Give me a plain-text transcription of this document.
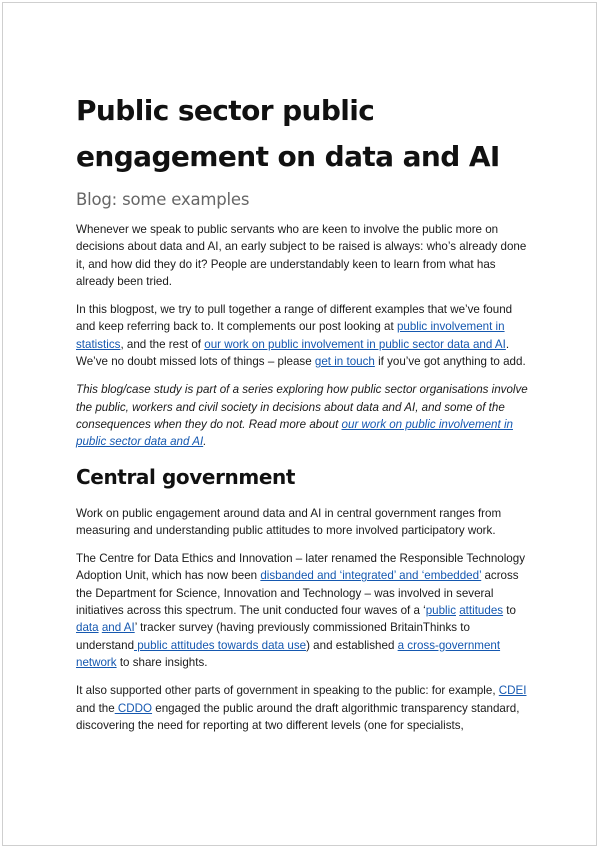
Public sector public engagement on data and AI
Blog: some examples

Whenever we speak to public servants who are keen to involve the public more on decisions about data and AI, an early subject to be raised is always: who’s already done it, and how did they do it? People are understandably keen to learn from what has already been tried.

In this blogpost, we try to pull together a range of different examples that we’ve found and keep referring back to. It complements our post looking at public involvement in statistics, and the rest of our work on public involvement in public sector data and AI. We’ve no doubt missed lots of things – please get in touch if you’ve got anything to add.

This blog/case study is part of a series exploring how public sector organisations involve the public, workers and civil society in decisions about data and AI, and some of the consequences when they do not. Read more about our work on public involvement in public sector data and AI.

Central government

Work on public engagement around data and AI in central government ranges from measuring and understanding public attitudes to more involved participatory work.

The Centre for Data Ethics and Innovation – later renamed the Responsible Technology Adoption Unit, which has now been disbanded and ‘integrated’ and ‘embedded’ across the Department for Science, Innovation and Technology – was involved in several initiatives across this spectrum. The unit conducted four waves of a ‘public attitudes to data and AI’ tracker survey (having previously commissioned BritainThinks to understand public attitudes towards data use) and established a cross-government network to share insights.

It also supported other parts of government in speaking to the public: for example, CDEI and the CDDO engaged the public around the draft algorithmic transparency standard, discovering the need for reporting at two different levels (one for specialists,
